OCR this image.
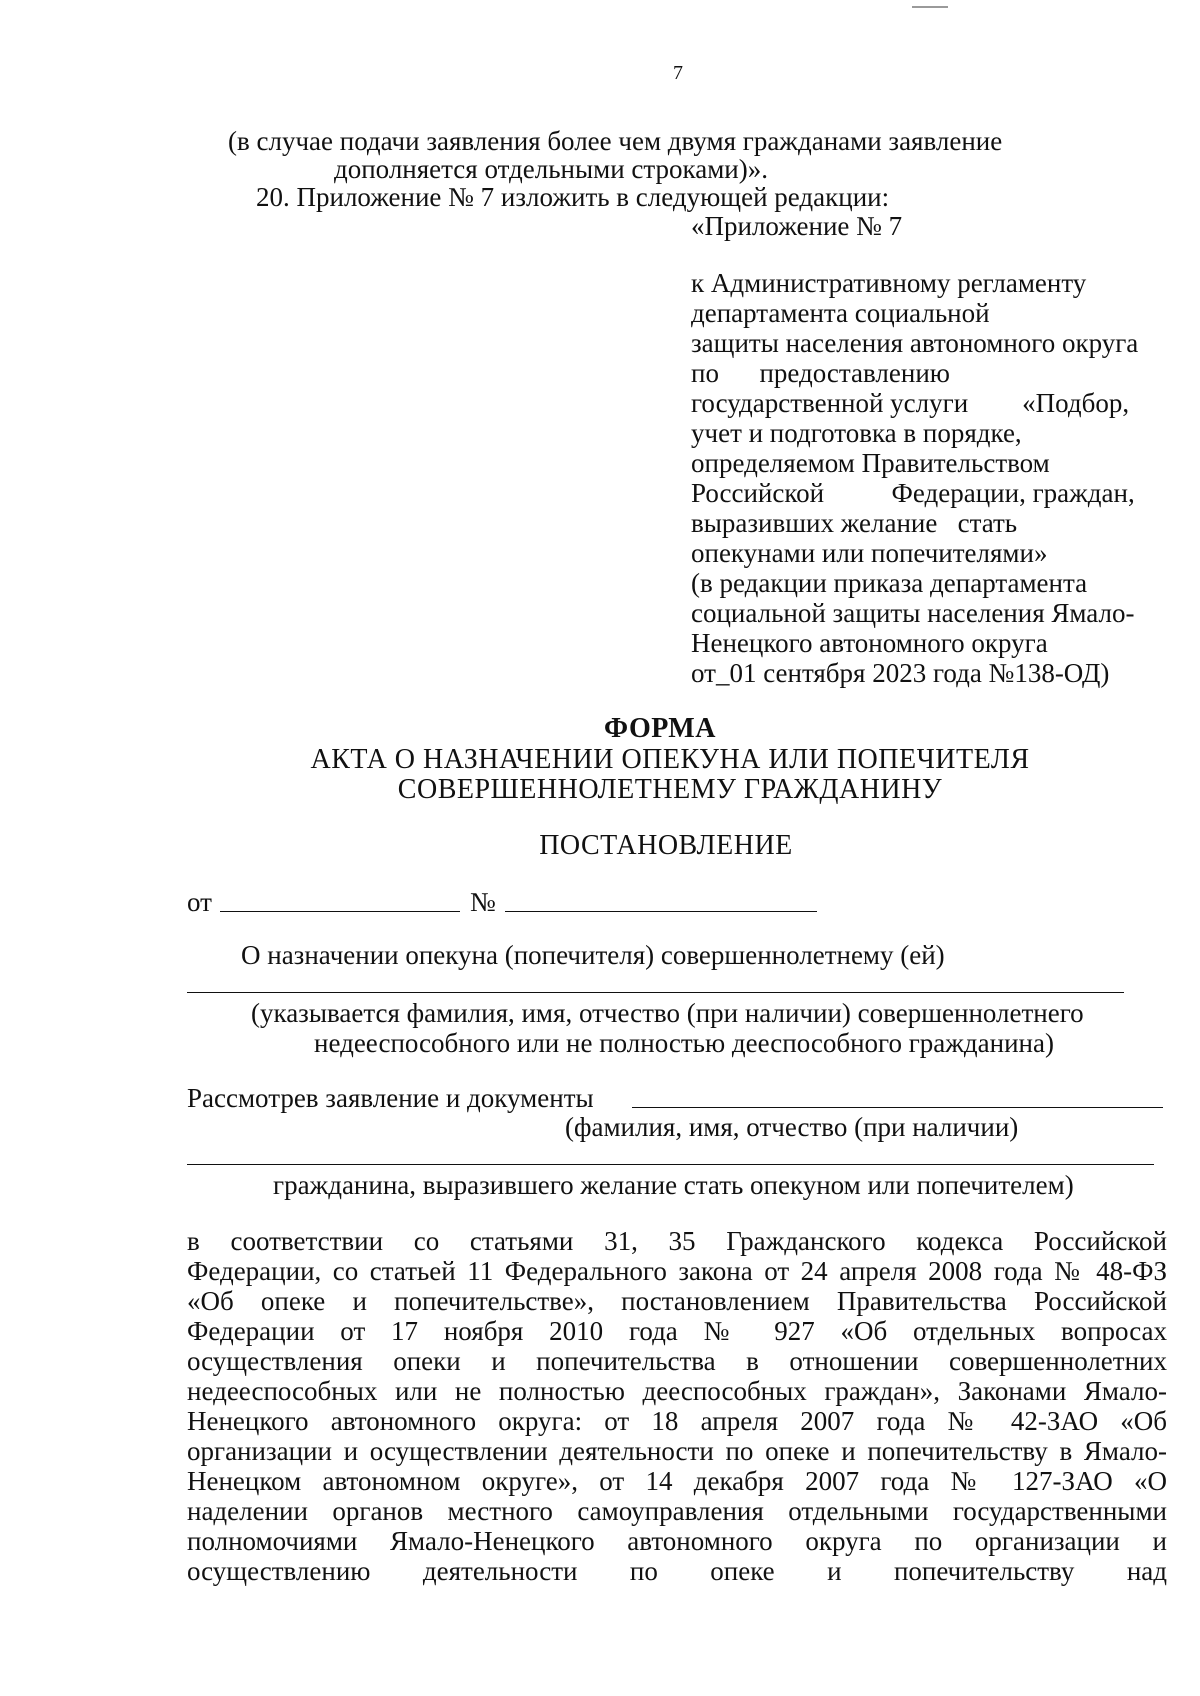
7
(в случае подачи заявления более чем двумя гражданами заявление
дополняется отдельными строками)».
20. Приложение № 7 изложить в следующей редакции:
«Приложение № 7
к Административному регламенту
департамента социальной
защиты населения автономного округа
по      предоставлению
государственной услуги        «Подбор,
учет и подготовка в порядке,
определяемом Правительством
Российской          Федерации, граждан,
выразивших желание   стать
опекунами или попечителями»
(в редакции приказа департамента
социальной защиты населения Ямало-
Ненецкого автономного округа
от_01 сентября 2023 года №138-ОД)
ФОРМА
АКТА О НАЗНАЧЕНИИ ОПЕКУНА ИЛИ ПОПЕЧИТЕЛЯ
СОВЕРШЕННОЛЕТНЕМУ ГРАЖДАНИНУ
ПОСТАНОВЛЕНИЕ
от	№
О назначении опекуна (попечителя) совершеннолетнему (ей)
(указывается фамилия, имя, отчество (при наличии) совершеннолетнего
недееспособного или не полностью дееспособного гражданина)
Рассмотрев заявление и документы
(фамилия, имя, отчество (при наличии)
гражданина, выразившего желание стать опекуном или попечителем)
в соответствии со статьями 31, 35 Гражданского кодекса Российской
Федерации, со статьей 11 Федерального закона от 24 апреля 2008 года № 48-ФЗ
«Об опеке и попечительстве», постановлением Правительства Российской
Федерации от 17 ноября 2010 года № 927 «Об отдельных вопросах
осуществления опеки и попечительства в отношении совершеннолетних
недееспособных или не полностью дееспособных граждан», Законами Ямало-
Ненецкого автономного округа: от 18 апреля 2007 года № 42-ЗАО «Об
организации и осуществлении деятельности по опеке и попечительству в Ямало-
Ненецком автономном округе», от 14 декабря 2007 года № 127-ЗАО «О
наделении органов местного самоуправления отдельными государственными
полномочиями Ямало-Ненецкого автономного округа по организации и
осуществлению деятельности по опеке и попечительству над
